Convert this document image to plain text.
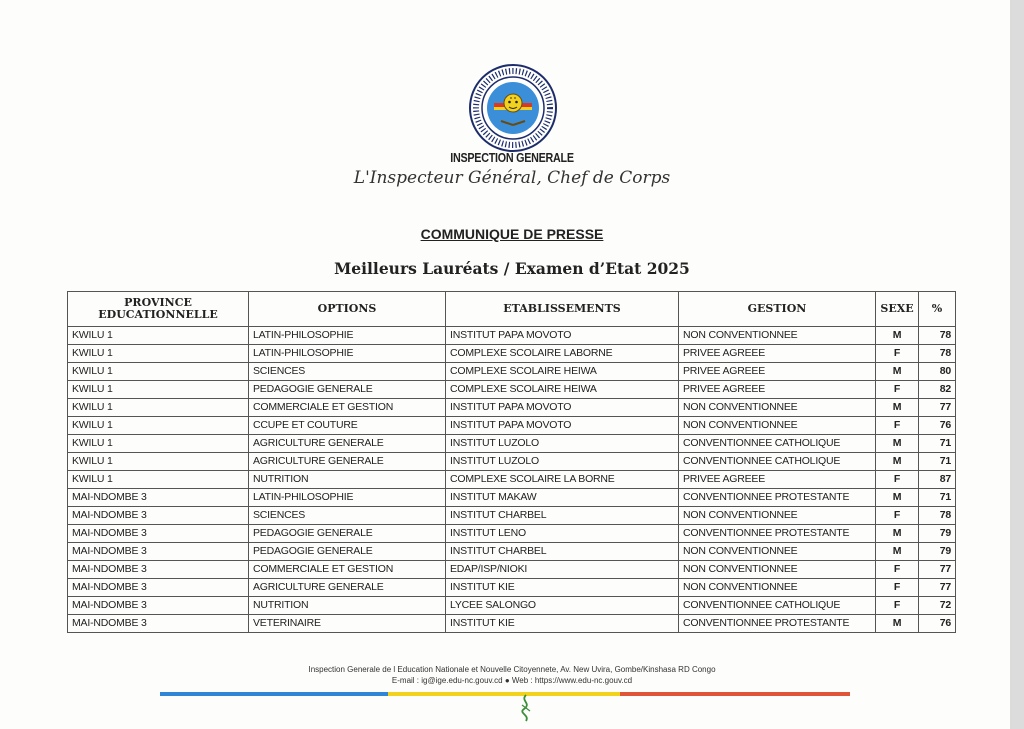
INSPECTION GENERALE
L'Inspecteur Général, Chef de Corps
COMMUNIQUE DE PRESSE
Meilleurs Lauréats / Examen d’Etat 2025
PROVINCE EDUCATIONNELLE	OPTIONS	ETABLISSEMENTS	GESTION	SEXE	%
KWILU 1	LATIN-PHILOSOPHIE	INSTITUT PAPA MOVOTO	NON CONVENTIONNEE	M	78
KWILU 1	LATIN-PHILOSOPHIE	COMPLEXE SCOLAIRE LABORNE	PRIVEE AGREEE	F	78
KWILU 1	SCIENCES	COMPLEXE SCOLAIRE HEIWA	PRIVEE AGREEE	M	80
KWILU 1	PEDAGOGIE GENERALE	COMPLEXE SCOLAIRE HEIWA	PRIVEE AGREEE	F	82
KWILU 1	COMMERCIALE ET GESTION	INSTITUT PAPA MOVOTO	NON CONVENTIONNEE	M	77
KWILU 1	CCUPE ET COUTURE	INSTITUT PAPA MOVOTO	NON CONVENTIONNEE	F	76
KWILU 1	AGRICULTURE GENERALE	INSTITUT LUZOLO	CONVENTIONNEE CATHOLIQUE	M	71
KWILU 1	AGRICULTURE GENERALE	INSTITUT LUZOLO	CONVENTIONNEE CATHOLIQUE	M	71
KWILU 1	NUTRITION	COMPLEXE SCOLAIRE LA BORNE	PRIVEE AGREEE	F	87
MAI-NDOMBE 3	LATIN-PHILOSOPHIE	INSTITUT MAKAW	CONVENTIONNEE PROTESTANTE	M	71
MAI-NDOMBE 3	SCIENCES	INSTITUT CHARBEL	NON CONVENTIONNEE	F	78
MAI-NDOMBE 3	PEDAGOGIE GENERALE	INSTITUT LENO	CONVENTIONNEE PROTESTANTE	M	79
MAI-NDOMBE 3	PEDAGOGIE GENERALE	INSTITUT CHARBEL	NON CONVENTIONNEE	M	79
MAI-NDOMBE 3	COMMERCIALE ET GESTION	EDAP/ISP/NIOKI	NON CONVENTIONNEE	F	77
MAI-NDOMBE 3	AGRICULTURE GENERALE	INSTITUT KIE	NON CONVENTIONNEE	F	77
MAI-NDOMBE 3	NUTRITION	LYCEE SALONGO	CONVENTIONNEE CATHOLIQUE	F	72
MAI-NDOMBE 3	VETERINAIRE	INSTITUT KIE	CONVENTIONNEE PROTESTANTE	M	76
Inspection Generale de l Education Nationale et Nouvelle Citoyennete, Av. New Uvira, Gombe/Kinshasa RD Congo
E-mail : ig@ige.edu-nc.gouv.cd ● Web : https://www.edu-nc.gouv.cd
